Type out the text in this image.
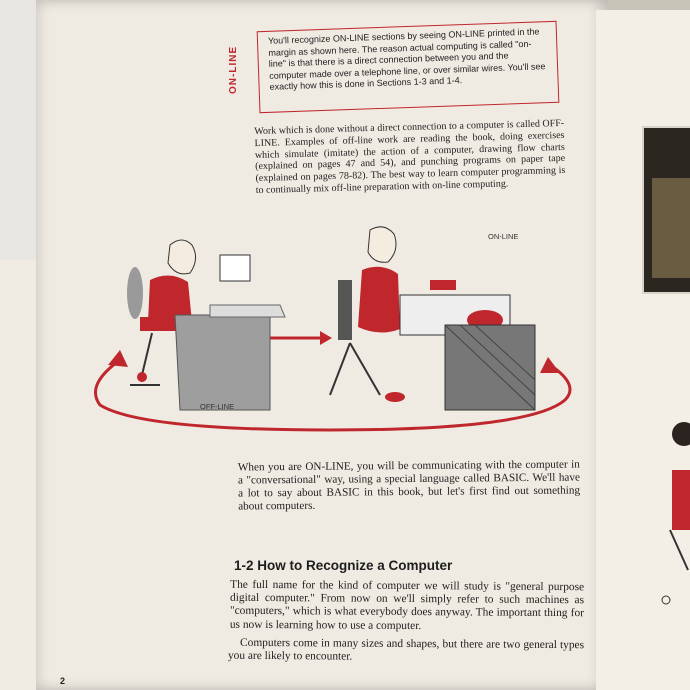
ON-LINE
You'll recognize ON-LINE sections by seeing ON-LINE printed in the margin as shown here. The reason actual computing is called "on-line" is that there is a direct connection between you and the computer made over a telephone line, or over similar wires. You'll see exactly how this is done in Sections 1-3 and 1-4.
Work which is done without a direct connection to a computer is called OFF-LINE. Examples of off-line work are reading the book, doing exercises which simulate (imitate) the action of a computer, drawing flow charts (explained on pages 47 and 54), and punching programs on paper tape (explained on pages 78-82). The best way to learn computer programming is to continually mix off-line preparation with on-line computing.
ON-LINE
OFF-LINE
When you are ON-LINE, you will be communicating with the computer in a "conversational" way, using a special language called BASIC. We'll have a lot to say about BASIC in this book, but let's first find out something about computers.
1-2 How to Recognize a Computer
The full name for the kind of computer we will study is "general purpose digital computer." From now on we'll simply refer to such machines as "computers," which is what everybody does anyway. The important thing for us now is learning how to use a computer.
Computers come in many sizes and shapes, but there are two general types you are likely to encounter.
2
